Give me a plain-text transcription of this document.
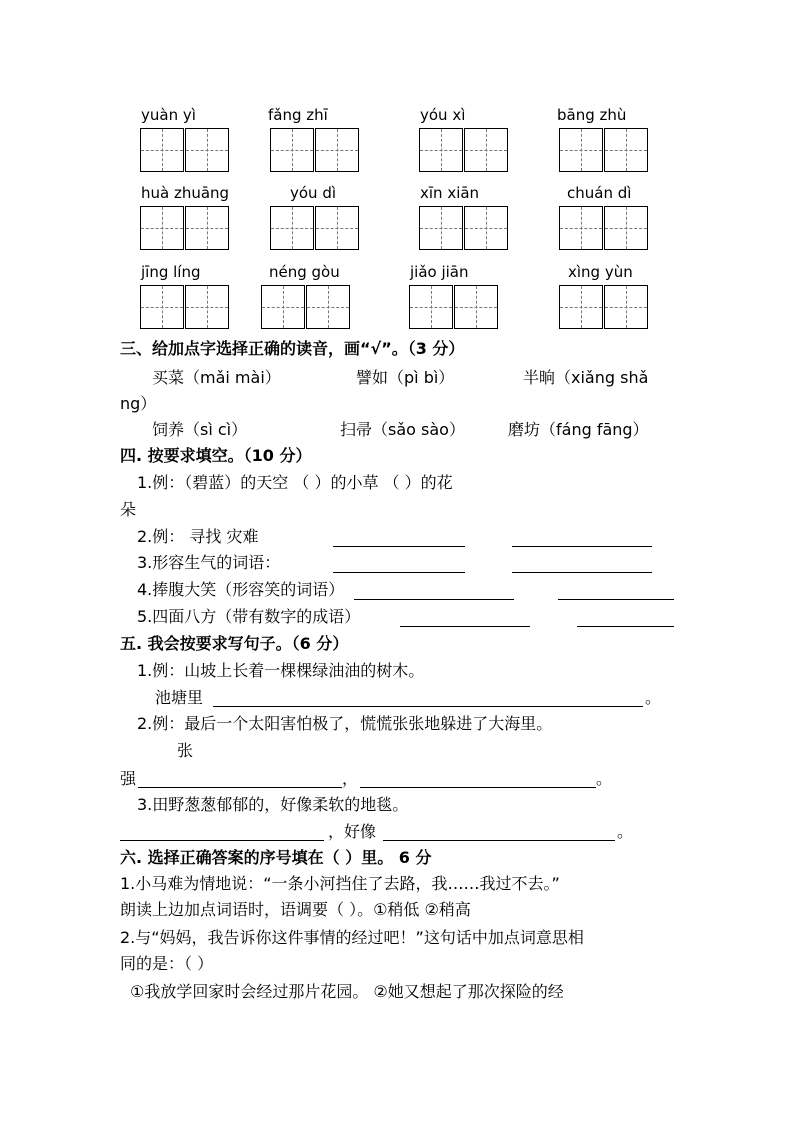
yuàn yì	fǎng zhī	yóu xì	bāng zhù
huà zhuāng	yóu dì	xīn xiān	chuán dì
jīng líng	néng gòu	jiǎo jiān	xìng yùn
三、给加点字选择正确的读音，画“√”。（3 分）
买菜（mǎi mài）	譬如（pì bì）	半晌（xiǎng shǎ
ng）
饲养（sì cì）	扫帚（sǎo sào）	磨坊（fáng fāng）
四. 按要求填空。（10 分）
1.例：（碧蓝）的天空 （ ）的小草 （ ）的花
朵
2.例： 寻找 灾难
3.形容生气的词语：
4.捧腹大笑（形容笑的词语）
5.四面八方（带有数字的成语）
五. 我会按要求写句子。（6 分）
1.例：山坡上长着一棵棵绿油油的树木。
池塘里	。
2.例：最后一个太阳害怕极了，慌慌张张地躲进了大海里。
张
强	，	。
3.田野葱葱郁郁的，好像柔软的地毯。
，好像	。
六. 选择正确答案的序号填在（ ）里。 6 分
1.小马难为情地说：“一条小河挡住了去路，我……我过不去。”
朗读上边加点词语时，语调要（ ）。①稍低 ②稍高
2.与“妈妈，我告诉你这件事情的经过吧！”这句话中加点词意思相
同的是：（ ）
①我放学回家时会经过那片花园。 ②她又想起了那次探险的经
